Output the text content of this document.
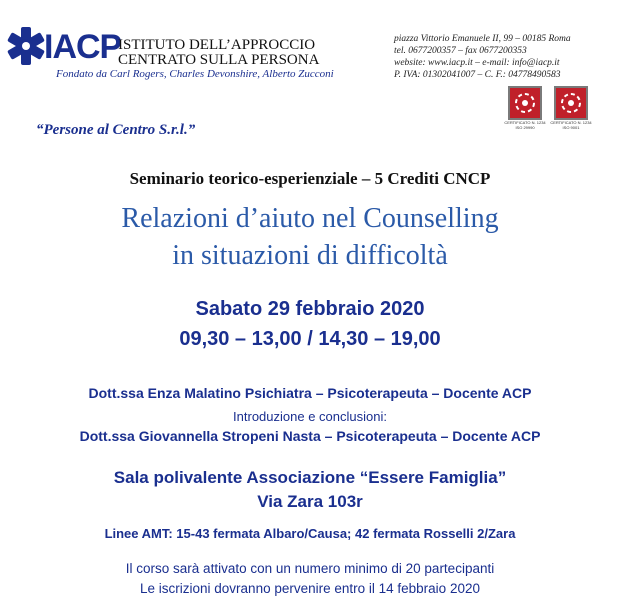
IACP
ISTITUTO DELL’APPROCCIO
CENTRATO SULLA PERSONA
Fondato da Carl Rogers, Charles Devonshire, Alberto Zucconi
piazza Vittorio Emanuele II, 99 – 00185 Roma
tel. 0677200357 – fax 0677200353
website: www.iacp.it – e-mail: info@iacp.it
P. IVA: 01302041007 – C. F.: 04778490583
CERTIFICATO N. 1234 ISO 29990
CERTIFICATO N. 1234 ISO 9001
“Persone al Centro S.r.l.”
Seminario teorico-esperienziale – 5 Crediti CNCP
Relazioni d’aiuto nel Counselling
in situazioni di difficoltà
Sabato 29 febbraio 2020
09,30 – 13,00 / 14,30 – 19,00
Dott.ssa Enza Malatino Psichiatra – Psicoterapeuta – Docente ACP
Introduzione e conclusioni:
Dott.ssa Giovannella Stropeni Nasta – Psicoterapeuta – Docente ACP
Sala polivalente Associazione “Essere Famiglia”
Via Zara 103r
Linee AMT: 15-43 fermata Albaro/Causa; 42 fermata Rosselli 2/Zara
Il corso sarà attivato con un numero minimo di 20 partecipanti
Le iscrizioni dovranno pervenire entro il 14 febbraio 2020
